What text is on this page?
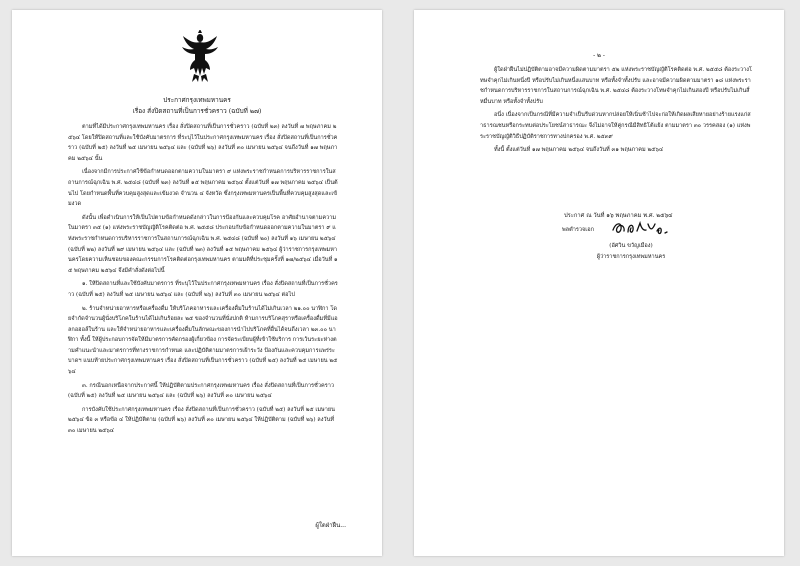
ประกาศกรุงเทพมหานคร
เรื่อง สั่งปิดสถานที่เป็นการชั่วคราว (ฉบับที่ ๒๗)

ตามที่ได้มีประกาศกรุงเทพมหานคร เรื่อง สั่งปิดสถานที่เป็นการชั่วคราว (ฉบับที่ ๒๓) ลงวันที่ ๗ พฤษภาคม ๒๕๖๔ โดยให้ปิดสถานที่และใช้บังคับมาตรการ ที่ระบุไว้ในประกาศกรุงเทพมหานคร เรื่อง สั่งปิดสถานที่เป็นการชั่วคราว (ฉบับที่ ๒๕) ลงวันที่ ๒๕ เมษายน ๒๕๖๔ และ (ฉบับที่ ๒๖) ลงวันที่ ๓๐ เมษายน ๒๕๖๔ จนถึงวันที่ ๑๗ พฤษภาคม ๒๕๖๔ นั้น

เนื่องจากมีการประกาศใช้ข้อกำหนดออกตามความในมาตรา ๙ แห่งพระราชกำหนดการบริหารราชการในสถานการณ์ฉุกเฉิน พ.ศ. ๒๕๔๘ (ฉบับที่ ๒๓) ลงวันที่ ๑๕ พฤษภาคม ๒๕๖๔ ตั้งแต่วันที่ ๑๗ พฤษภาคม ๒๕๖๔ เป็นต้นไป โดยกำหนดพื้นที่ควบคุมสูงสุดและเข้มงวด จำนวน ๔ จังหวัด ซึ่งกรุงเทพมหานครเป็นพื้นที่ควบคุมสูงสุดและเข้มงวด

ดังนั้น เพื่อดำเนินการให้เป็นไปตามข้อกำหนดดังกล่าวในการป้องกันและควบคุมโรค อาศัยอำนาจตามความในมาตรา ๓๕ (๑) แห่งพระราชบัญญัติโรคติดต่อ พ.ศ. ๒๕๕๘ ประกอบกับข้อกำหนดออกตามความในมาตรา ๙ แห่งพระราชกำหนดการบริหารราชการในสถานการณ์ฉุกเฉิน พ.ศ. ๒๕๔๘ (ฉบับที่ ๒๐) ลงวันที่ ๑๖ เมษายน ๒๕๖๔ (ฉบับที่ ๒๒) ลงวันที่ ๒๙ เมษายน ๒๕๖๔ และ (ฉบับที่ ๒๓) ลงวันที่ ๑๕ พฤษภาคม ๒๕๖๔ ผู้ว่าราชการกรุงเทพมหานครโดยความเห็นชอบของคณะกรรมการโรคติดต่อกรุงเทพมหานคร ตามมติที่ประชุมครั้งที่ ๑๗/๒๕๖๔ เมื่อวันที่ ๑๕ พฤษภาคม ๒๕๖๔ จึงมีคำสั่งดังต่อไปนี้

๑. ให้ปิดสถานที่และใช้บังคับมาตรการ ที่ระบุไว้ในประกาศกรุงเทพมหานคร เรื่อง สั่งปิดสถานที่เป็นการชั่วคราว (ฉบับที่ ๒๕) ลงวันที่ ๒๕ เมษายน ๒๕๖๔ และ (ฉบับที่ ๒๖) ลงวันที่ ๓๐ เมษายน ๒๕๖๔ ต่อไป

๒. ร้านจำหน่ายอาหารหรือเครื่องดื่ม ให้บริโภคอาหารและเครื่องดื่มในร้านได้ไม่เกินเวลา ๒๑.๐๐ นาฬิกา โดยจำกัดจำนวนผู้นั่งบริโภคในร้านได้ไม่เกินร้อยละ ๒๕ ของจำนวนที่นั่งปกติ ห้ามการบริโภคสุราหรือเครื่องดื่มที่มีแอลกอฮอล์ในร้าน และให้จำหน่ายอาหารและเครื่องดื่มในลักษณะของการนำไปบริโภคที่อื่นได้จนถึงเวลา ๒๓.๐๐ นาฬิกา ทั้งนี้ ให้ผู้ประกอบการจัดให้มีมาตรการคัดกรองผู้เกี่ยวข้อง การจัดระเบียบผู้ที่เข้าใช้บริการ การเว้นระยะห่างตามคำแนะนำและมาตรการที่ทางราชการกำหนด และปฏิบัติตามมาตรการเฝ้าระวัง ป้องกันและควบคุมการแพร่ระบาดฯ แนบท้ายประกาศกรุงเทพมหานคร เรื่อง สั่งปิดสถานที่เป็นการชั่วคราว (ฉบับที่ ๒๕) ลงวันที่ ๒๕ เมษายน ๒๕๖๔

๓. กรณีนอกเหนือจากประกาศนี้ ให้ปฏิบัติตามประกาศกรุงเทพมหานคร เรื่อง สั่งปิดสถานที่เป็นการชั่วคราว (ฉบับที่ ๒๕) ลงวันที่ ๒๕ เมษายน ๒๕๖๔ และ (ฉบับที่ ๒๖) ลงวันที่ ๓๐ เมษายน ๒๕๖๔

การบังคับใช้ประกาศกรุงเทพมหานคร เรื่อง สั่งปิดสถานที่เป็นการชั่วคราว (ฉบับที่ ๒๕) ลงวันที่ ๒๕ เมษายน ๒๕๖๔ ข้อ ๓ หรือข้อ ๔ ให้ปฏิบัติตาม (ฉบับที่ ๒๖) ลงวันที่ ๓๐ เมษายน ๒๕๖๔ ให้ปฏิบัติตาม (ฉบับที่ ๒๖) ลงวันที่ ๓๐ เมษายน ๒๕๖๔

ผู้ใดฝ่าฝืน...
- ๒ -

ผู้ใดฝ่าฝืนไม่ปฏิบัติตามอาจมีความผิดตามมาตรา ๕๒ แห่งพระราชบัญญัติโรคติดต่อ พ.ศ. ๒๕๕๘ ต้องระวางโทษจำคุกไม่เกินหนึ่งปี หรือปรับไม่เกินหนึ่งแสนบาท หรือทั้งจำทั้งปรับ และอาจมีความผิดตามมาตรา ๑๘ แห่งพระราชกำหนดการบริหารราชการในสถานการณ์ฉุกเฉิน พ.ศ. ๒๕๔๘ ต้องระวางโทษจำคุกไม่เกินสองปี หรือปรับไม่เกินสี่หมื่นบาท หรือทั้งจำทั้งปรับ

อนึ่ง เนื่องจากเป็นกรณีที่มีความจำเป็นรีบด่วนหากปล่อยให้เนิ่นช้าไปจะก่อให้เกิดผลเสียหายอย่างร้ายแรงแก่สาธารณชนหรือกระทบต่อประโยชน์สาธารณะ จึงไม่อาจให้คู่กรณีมีสิทธิโต้แย้ง ตามมาตรา ๓๐ วรรคสอง (๑) แห่งพระราชบัญญัติวิธีปฏิบัติราชการทางปกครอง พ.ศ. ๒๕๓๙

ทั้งนี้ ตั้งแต่วันที่ ๑๗ พฤษภาคม ๒๕๖๔ จนถึงวันที่ ๓๑ พฤษภาคม ๒๕๖๔

ประกาศ ณ วันที่ ๑๖ พฤษภาคม พ.ศ. ๒๕๖๔
พลตำรวจเอก
(อัศวิน ขวัญเมือง)
ผู้ว่าราชการกรุงเทพมหานคร
